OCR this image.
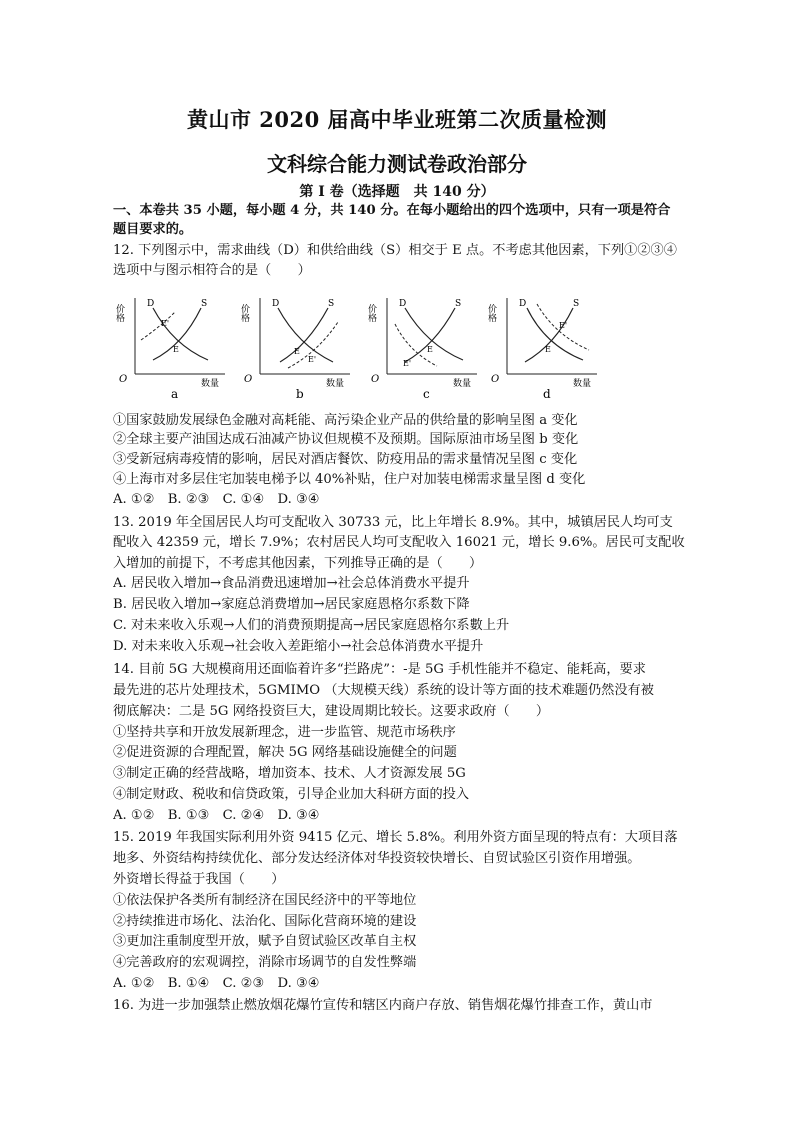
黄山市 2020 届高中毕业班第二次质量检测
文科综合能力测试卷政治部分
第 Ⅰ 卷（选择题　共 140 分）
一、本卷共 35 小题，每小题 4 分，共 140 分。在每小题给出的四个选项中，只有一项是符合
题目要求的。
12. 下列图示中，需求曲线（D）和供给曲线（S）相交于 E 点。不考虑其他因素，下列①②③④
选项中与图示相符合的是（　　）
价格
O	数量
D	S
E'
E
a
价格
O	数量
D	S
E
E'
b
价格
O	数量
D	S
E
E'
c
价格
O	数量
D	S
E'
E
d
①国家鼓励发展绿色金融对高耗能、高污染企业产品的供给量的影响呈图 a 变化
②全球主要产油国达成石油减产协议但规模不及预期。国际原油市场呈图 b 变化
③受新冠病毒疫情的影响，居民对酒店餐饮、防疫用品的需求量情况呈图 c 变化
④上海市对多层住宅加装电梯予以 40%补贴，住户对加装电梯需求量呈图 d 变化
A. ①②　B. ②③　C. ①④　D. ③④
13. 2019 年全国居民人均可支配收入 30733 元，比上年增长 8.9%。其中，城镇居民人均可支
配收入 42359 元，增长 7.9%；农村居民人均可支配收入 16021 元，增长 9.6%。居民可支配收
入增加的前提下，不考虑其他因素，下列推导正确的是（　　）
A. 居民收入增加→食品消费迅速增加→社会总体消费水平提升
B. 居民收入增加→家庭总消费增加→居民家庭恩格尔系数下降
C. 对未来收入乐观→人们的消费预期提高→居民家庭恩格尔系數上升
D. 对未来收入乐观→社会收入差距缩小→社会总体消费水平提升
14. 目前 5G 大规模商用还面临着许多“拦路虎”：-是 5G 手机性能并不稳定、能耗高，要求
最先进的芯片处理技术，5GMIMO （大规模天线）系统的设计等方面的技术难题仍然没有被
彻底解决：二是 5G 网络投资巨大，建设周期比较长。这要求政府（　　）
①坚持共享和开放发展新理念，进一步监管、规范市场秩序
②促进资源的合理配置，解决 5G 网络基础设施健全的问题
③制定正确的经营战略，增加资本、技术、人才资源发展 5G
④制定财政、税收和信贷政策，引导企业加大科研方面的投入
A. ①②　B. ①③　C. ②④　D. ③④
15. 2019 年我国实际利用外资 9415 亿元、增长 5.8%。利用外资方面呈现的特点有：大项目落
地多、外资结构持续优化、部分发达经济体对华投资较快增长、自贸试验区引资作用增强。
外资增长得益于我国（　　）
①依法保护各类所有制经济在国民经济中的平等地位
②持续推进市场化、法治化、国际化营商环境的建设
③更加注重制度型开放，赋予自贸试验区改革自主权
④完善政府的宏观调控，消除市场调节的自发性弊端
A. ①②　B. ①④　C. ②③　D. ③④
16. 为进一步加强禁止燃放烟花爆竹宣传和辖区内商户存放、销售烟花爆竹排查工作，黄山市
